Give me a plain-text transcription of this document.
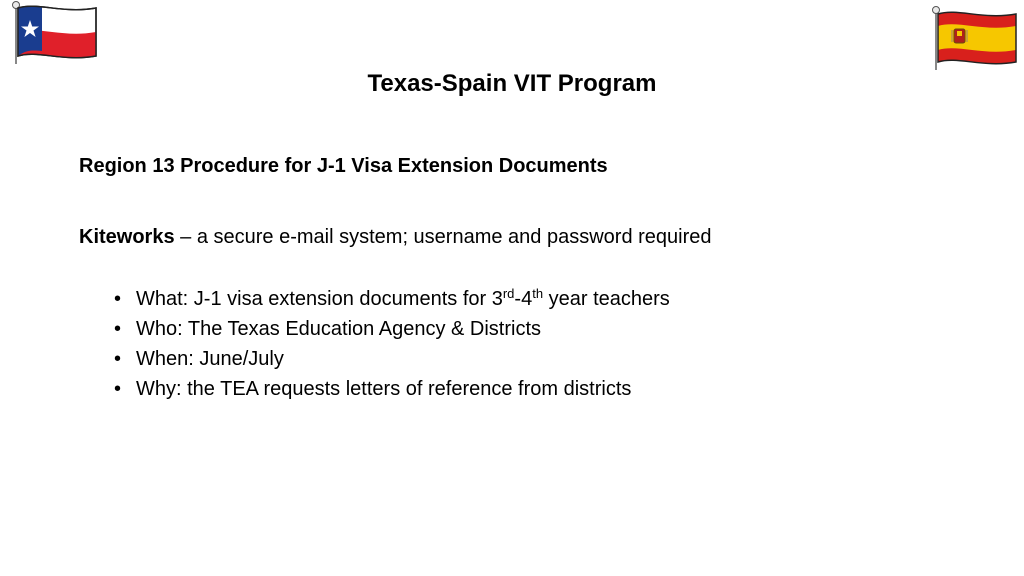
Texas-Spain VIT Program
Region 13 Procedure for J-1 Visa Extension Documents
Kiteworks – a secure e-mail system; username and password required
• What: J-1 visa extension documents for 3rd-4th year teachers
• Who: The Texas Education Agency & Districts
• When: June/July
• Why: the TEA requests letters of reference from districts
